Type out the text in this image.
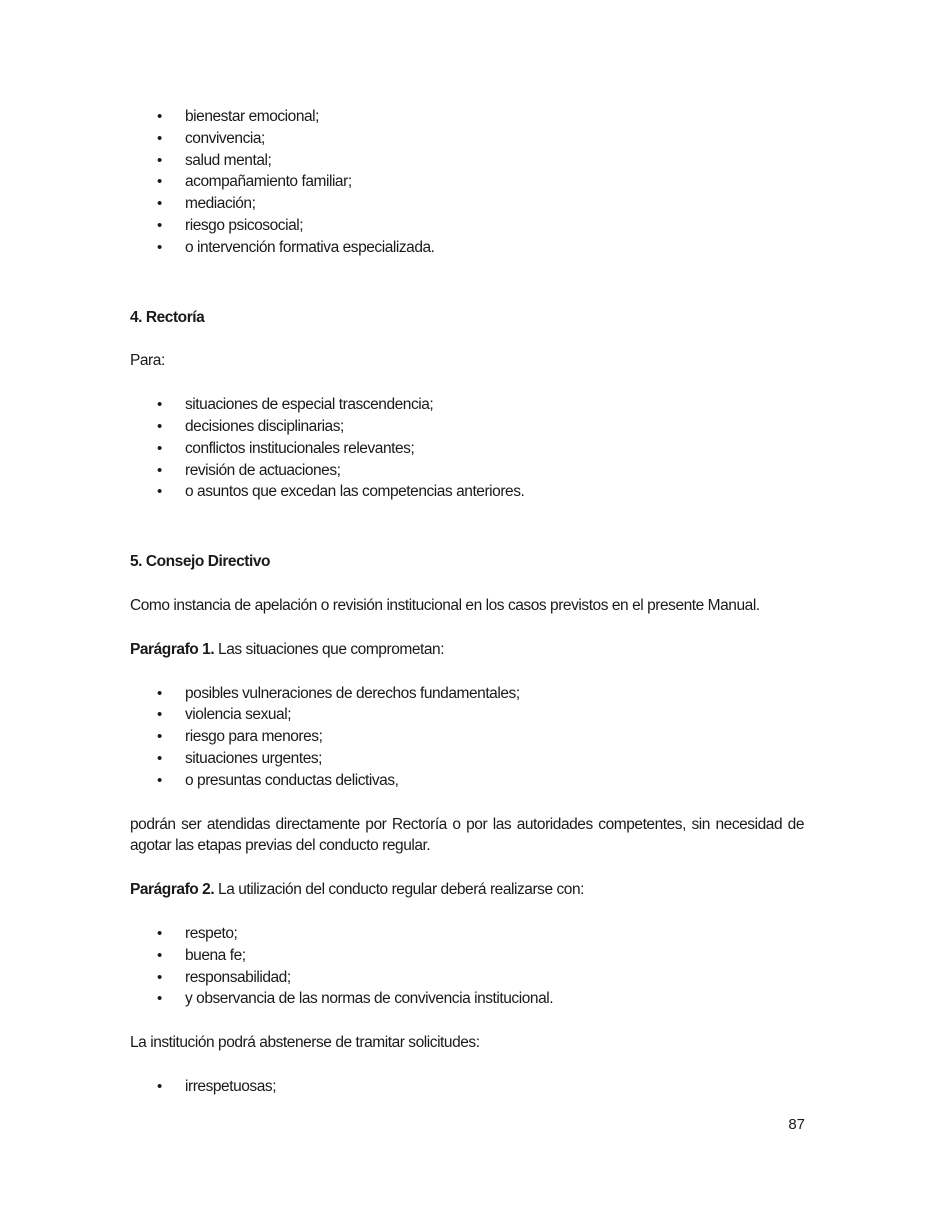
• bienestar emocional;
• convivencia;
• salud mental;
• acompañamiento familiar;
• mediación;
• riesgo psicosocial;
• o intervención formativa especializada.

4. Rectoría

Para:

• situaciones de especial trascendencia;
• decisiones disciplinarias;
• conflictos institucionales relevantes;
• revisión de actuaciones;
• o asuntos que excedan las competencias anteriores.

5. Consejo Directivo

Como instancia de apelación o revisión institucional en los casos previstos en el presente Manual.

Parágrafo 1. Las situaciones que comprometan:

• posibles vulneraciones de derechos fundamentales;
• violencia sexual;
• riesgo para menores;
• situaciones urgentes;
• o presuntas conductas delictivas,

podrán ser atendidas directamente por Rectoría o por las autoridades competentes, sin necesidad de agotar las etapas previas del conducto regular.

Parágrafo 2. La utilización del conducto regular deberá realizarse con:

• respeto;
• buena fe;
• responsabilidad;
• y observancia de las normas de convivencia institucional.

La institución podrá abstenerse de tramitar solicitudes:

• irrespetuosas;
87
